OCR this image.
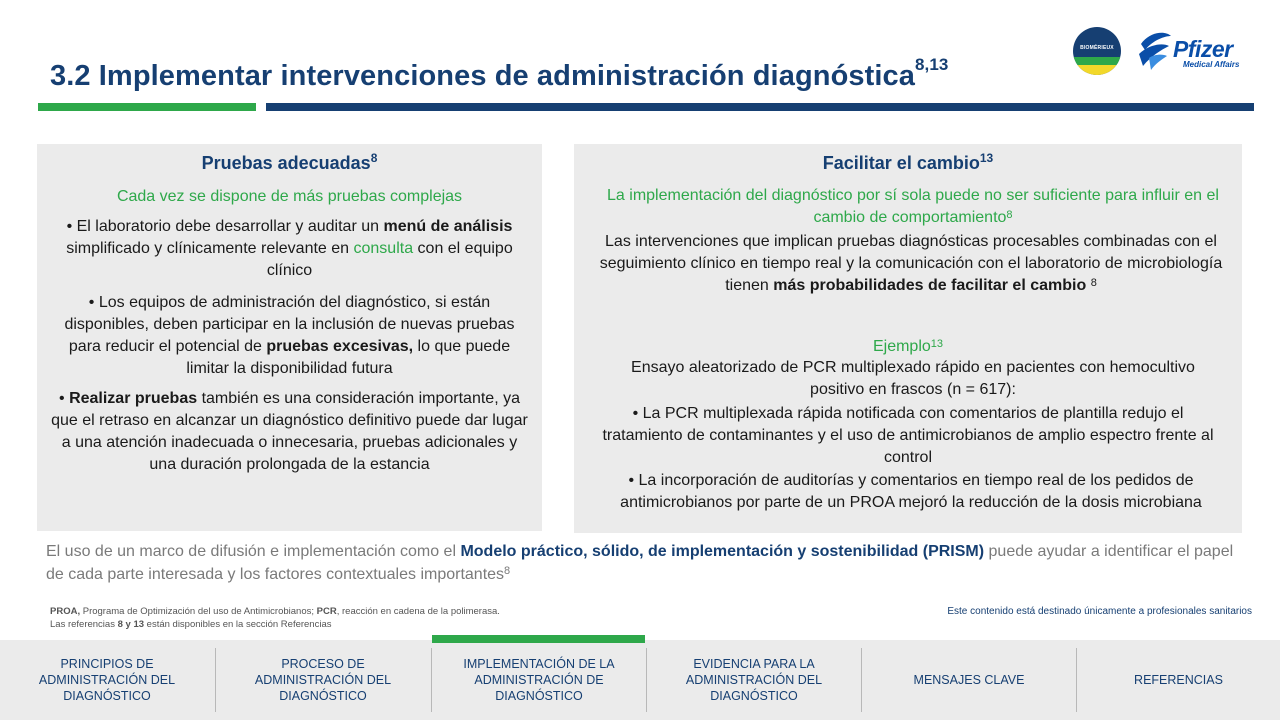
3.2 Implementar intervenciones de administración diagnóstica$^{8,13}$
BIOMÉRIEUX	Pfizer
Medical Affairs
Pruebas adecuadas$^8$
Cada vez se dispone de más pruebas complejas
• El laboratorio debe desarrollar y auditar un menú de análisis simplificado y clínicamente relevante en consulta con el equipo clínico
• Los equipos de administración del diagnóstico, si están disponibles, deben participar en la inclusión de nuevas pruebas para reducir el potencial de pruebas excesivas, lo que puede limitar la disponibilidad futura
• Realizar pruebas también es una consideración importante, ya que el retraso en alcanzar un diagnóstico definitivo puede dar lugar a una atención inadecuada o innecesaria, pruebas adicionales y una duración prolongada de la estancia
Facilitar el cambio$^{13}$
La implementación del diagnóstico por sí sola puede no ser suficiente para influir en el cambio de comportamiento$^8$
Las intervenciones que implican pruebas diagnósticas procesables combinadas con el seguimiento clínico en tiempo real y la comunicación con el laboratorio de microbiología tienen más probabilidades de facilitar el cambio $^8$
Ejemplo$^{13}$
Ensayo aleatorizado de PCR multiplexado rápido en pacientes con hemocultivo positivo en frascos (n = 617):
• La PCR multiplexada rápida notificada con comentarios de plantilla redujo el tratamiento de contaminantes y el uso de antimicrobianos de amplio espectro frente al control
• La incorporación de auditorías y comentarios en tiempo real de los pedidos de antimicrobianos por parte de un PROA mejoró la reducción de la dosis microbiana
El uso de un marco de difusión e implementación como el Modelo práctico, sólido, de implementación y sostenibilidad (PRISM) puede ayudar a identificar el papel de cada parte interesada y los factores contextuales importantes$^8$
PROA, Programa de Optimización del uso de Antimicrobianos; PCR, reacción en cadena de la polimerasa.
Las referencias 8 y 13 están disponibles en la sección Referencias
Este contenido está destinado únicamente a profesionales sanitarios
PRINCIPIOS DE ADMINISTRACIÓN DEL DIAGNÓSTICO
PROCESO DE ADMINISTRACIÓN DEL DIAGNÓSTICO
IMPLEMENTACIÓN DE LA ADMINISTRACIÓN DE DIAGNÓSTICO
EVIDENCIA PARA LA ADMINISTRACIÓN DEL DIAGNÓSTICO
MENSAJES CLAVE	REFERENCIAS
